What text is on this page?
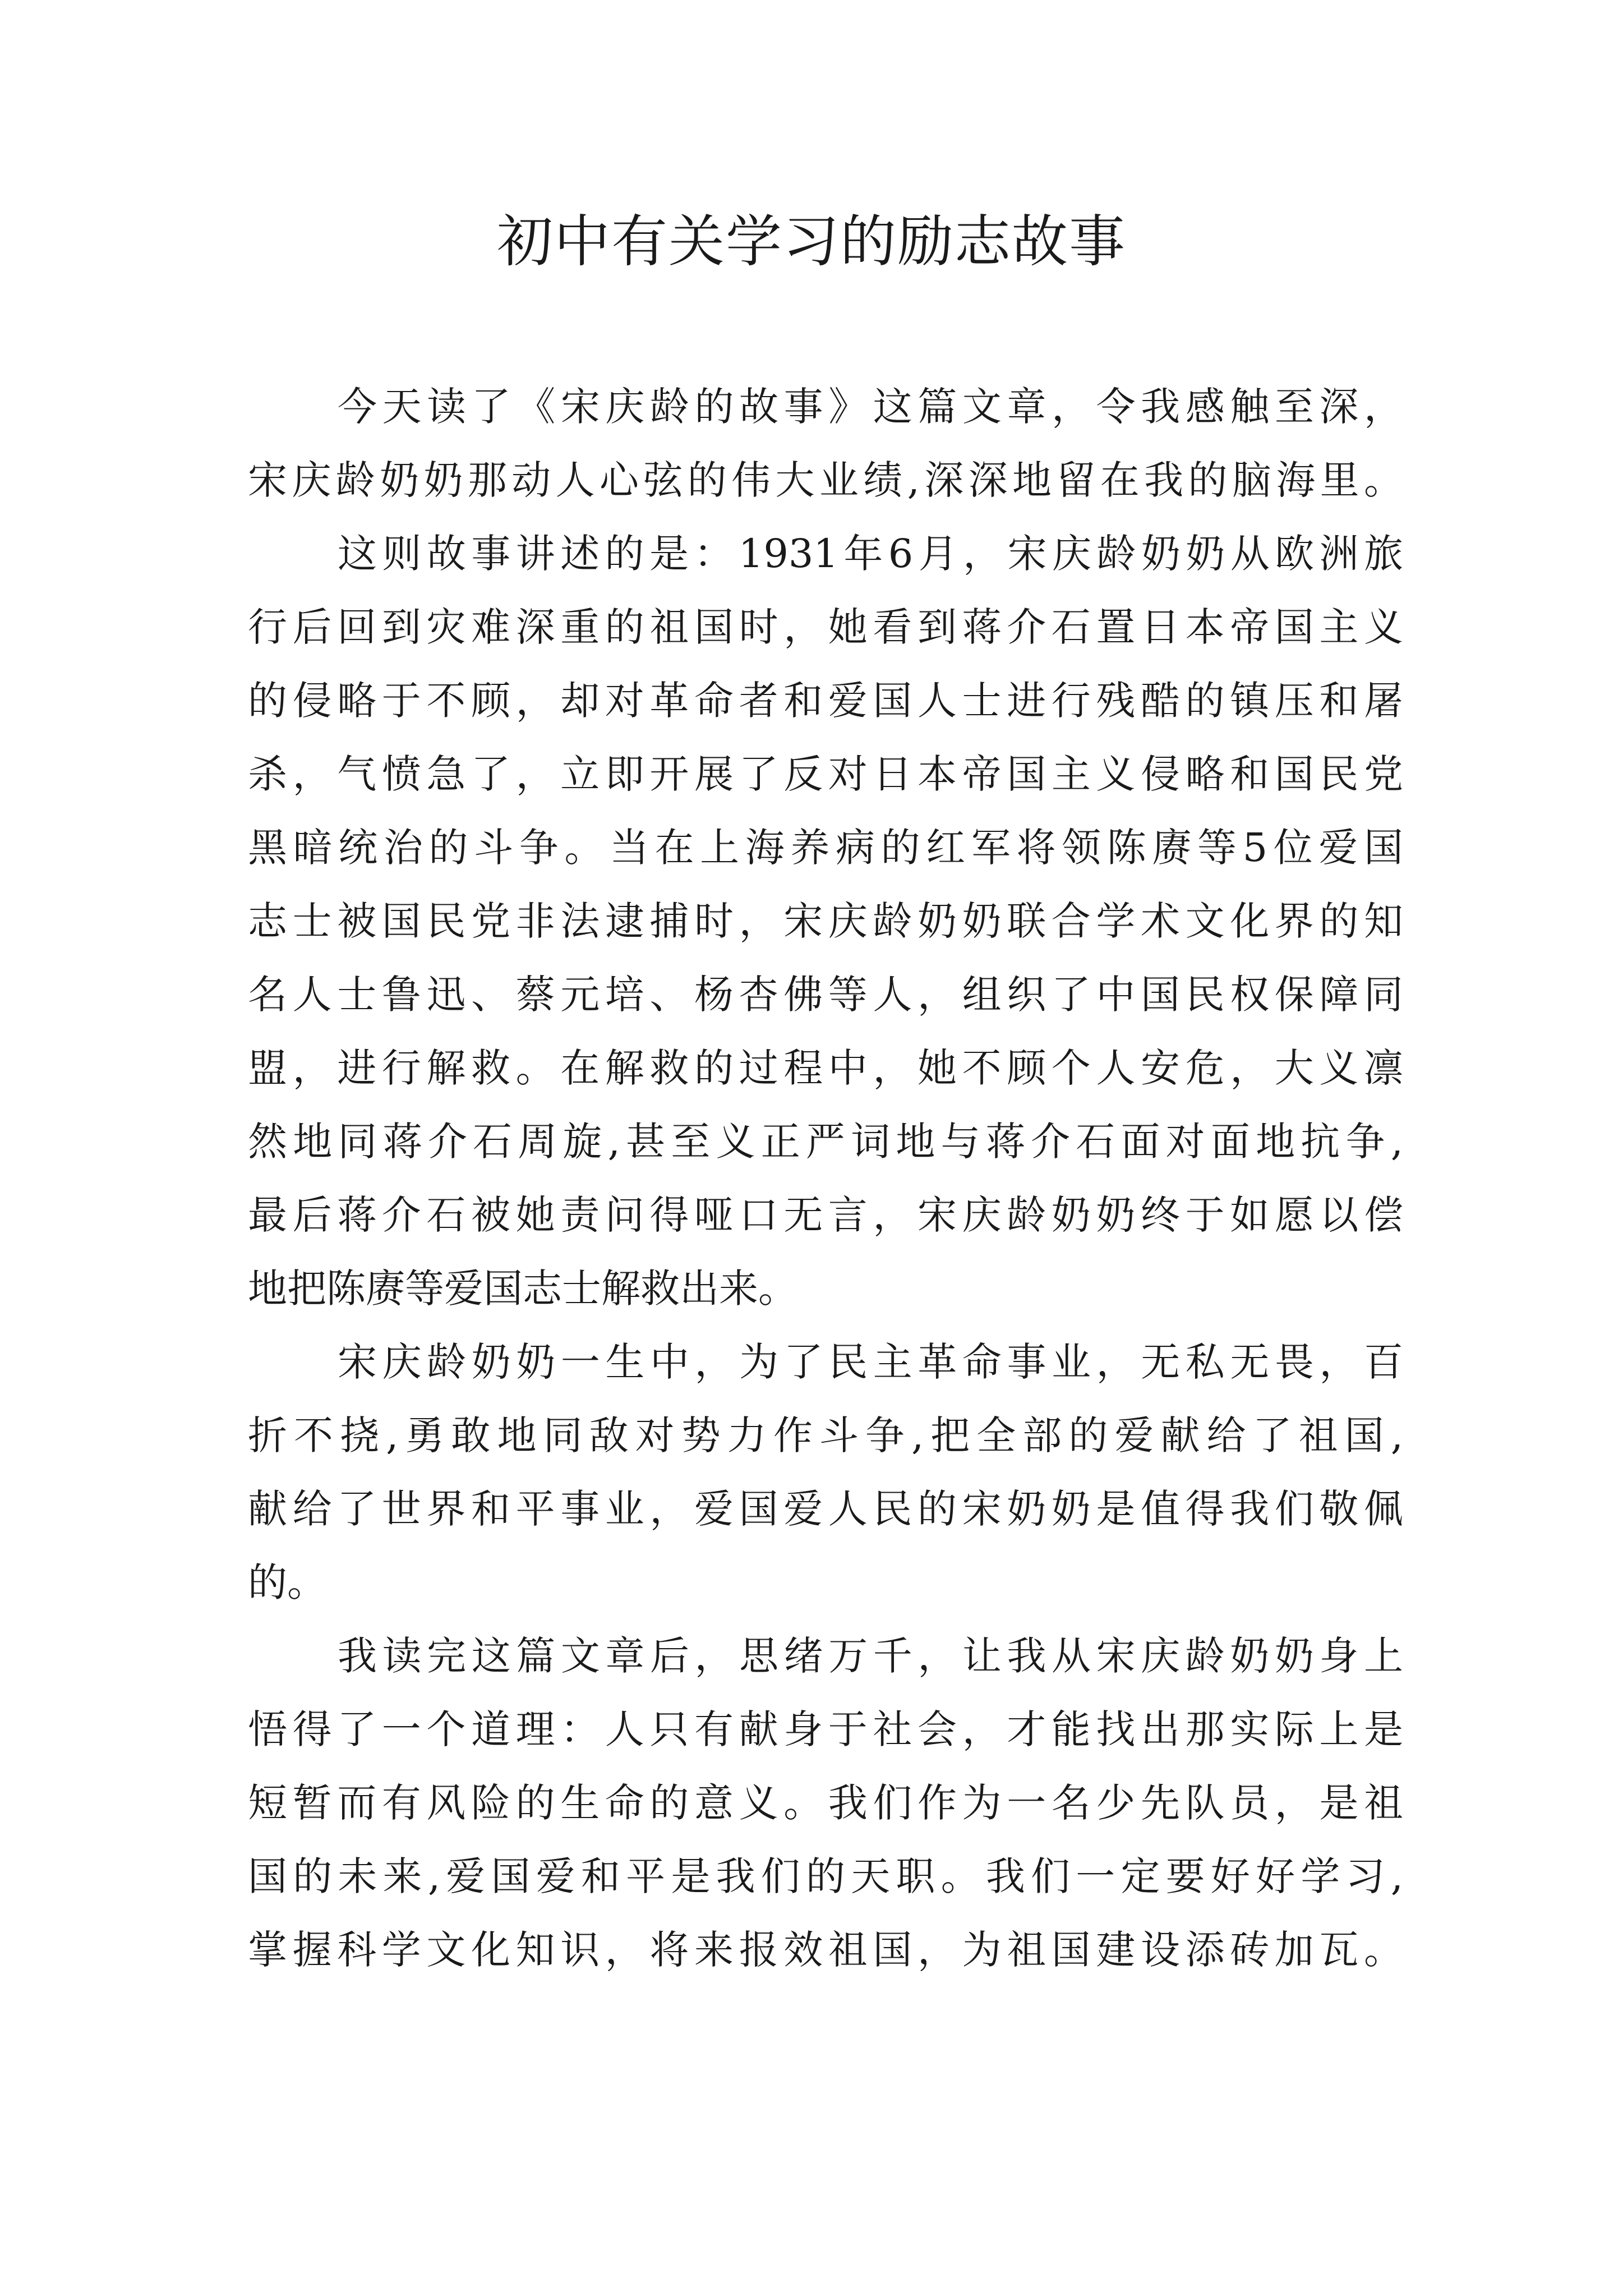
初中有关学习的励志故事

今天读了《宋庆龄的故事》这篇文章，令我感触至深，
宋庆龄奶奶那动人心弦的伟大业绩,深深地留在我的脑海里。

这则故事讲述的是：1931年6月，宋庆龄奶奶从欧洲旅
行后回到灾难深重的祖国时，她看到蒋介石置日本帝国主义
的侵略于不顾，却对革命者和爱国人士进行残酷的镇压和屠
杀，气愤急了，立即开展了反对日本帝国主义侵略和国民党
黑暗统治的斗争。当在上海养病的红军将领陈赓等5位爱国
志士被国民党非法逮捕时，宋庆龄奶奶联合学术文化界的知
名人士鲁迅、蔡元培、杨杏佛等人，组织了中国民权保障同
盟，进行解救。在解救的过程中，她不顾个人安危，大义凛
然地同蒋介石周旋,甚至义正严词地与蒋介石面对面地抗争,
最后蒋介石被她责问得哑口无言，宋庆龄奶奶终于如愿以偿
地把陈赓等爱国志士解救出来。

宋庆龄奶奶一生中，为了民主革命事业，无私无畏，百
折不挠,勇敢地同敌对势力作斗争,把全部的爱献给了祖国,
献给了世界和平事业，爱国爱人民的宋奶奶是值得我们敬佩
的。

我读完这篇文章后，思绪万千，让我从宋庆龄奶奶身上
悟得了一个道理：人只有献身于社会，才能找出那实际上是
短暂而有风险的生命的意义。我们作为一名少先队员，是祖
国的未来,爱国爱和平是我们的天职。我们一定要好好学习,
掌握科学文化知识，将来报效祖国，为祖国建设添砖加瓦。
